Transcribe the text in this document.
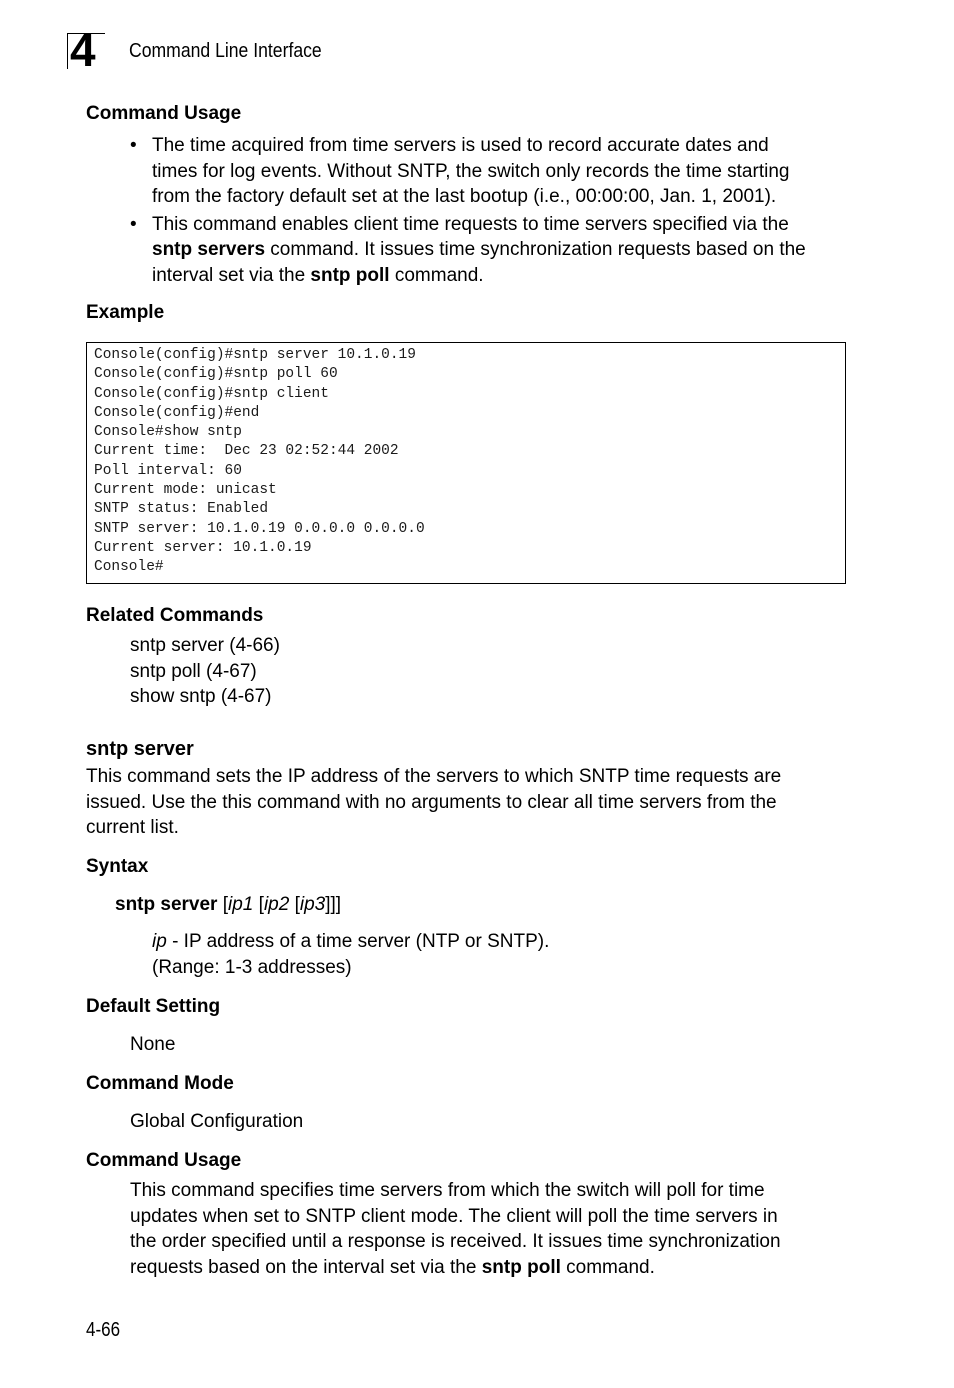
4 Command Line Interface
Command Usage
• The time acquired from time servers is used to record accurate dates and
times for log events. Without SNTP, the switch only records the time starting
from the factory default set at the last bootup (i.e., 00:00:00, Jan. 1, 2001).
• This command enables client time requests to time servers specified via the
sntp servers command. It issues time synchronization requests based on the
interval set via the sntp poll command.
Example
Console(config)#sntp server 10.1.0.19
Console(config)#sntp poll 60
Console(config)#sntp client
Console(config)#end
Console#show sntp
Current time:  Dec 23 02:52:44 2002
Poll interval: 60
Current mode: unicast
SNTP status: Enabled
SNTP server: 10.1.0.19 0.0.0.0 0.0.0.0
Current server: 10.1.0.19
Console#
Related Commands
sntp server (4-66)
sntp poll (4-67)
show sntp (4-67)
sntp server
This command sets the IP address of the servers to which SNTP time requests are
issued. Use the this command with no arguments to clear all time servers from the
current list.
Syntax
sntp server [ip1 [ip2 [ip3]]]
ip - IP address of a time server (NTP or SNTP).
(Range: 1-3 addresses)
Default Setting
None
Command Mode
Global Configuration
Command Usage
This command specifies time servers from which the switch will poll for time
updates when set to SNTP client mode. The client will poll the time servers in
the order specified until a response is received. It issues time synchronization
requests based on the interval set via the sntp poll command.
4-66
